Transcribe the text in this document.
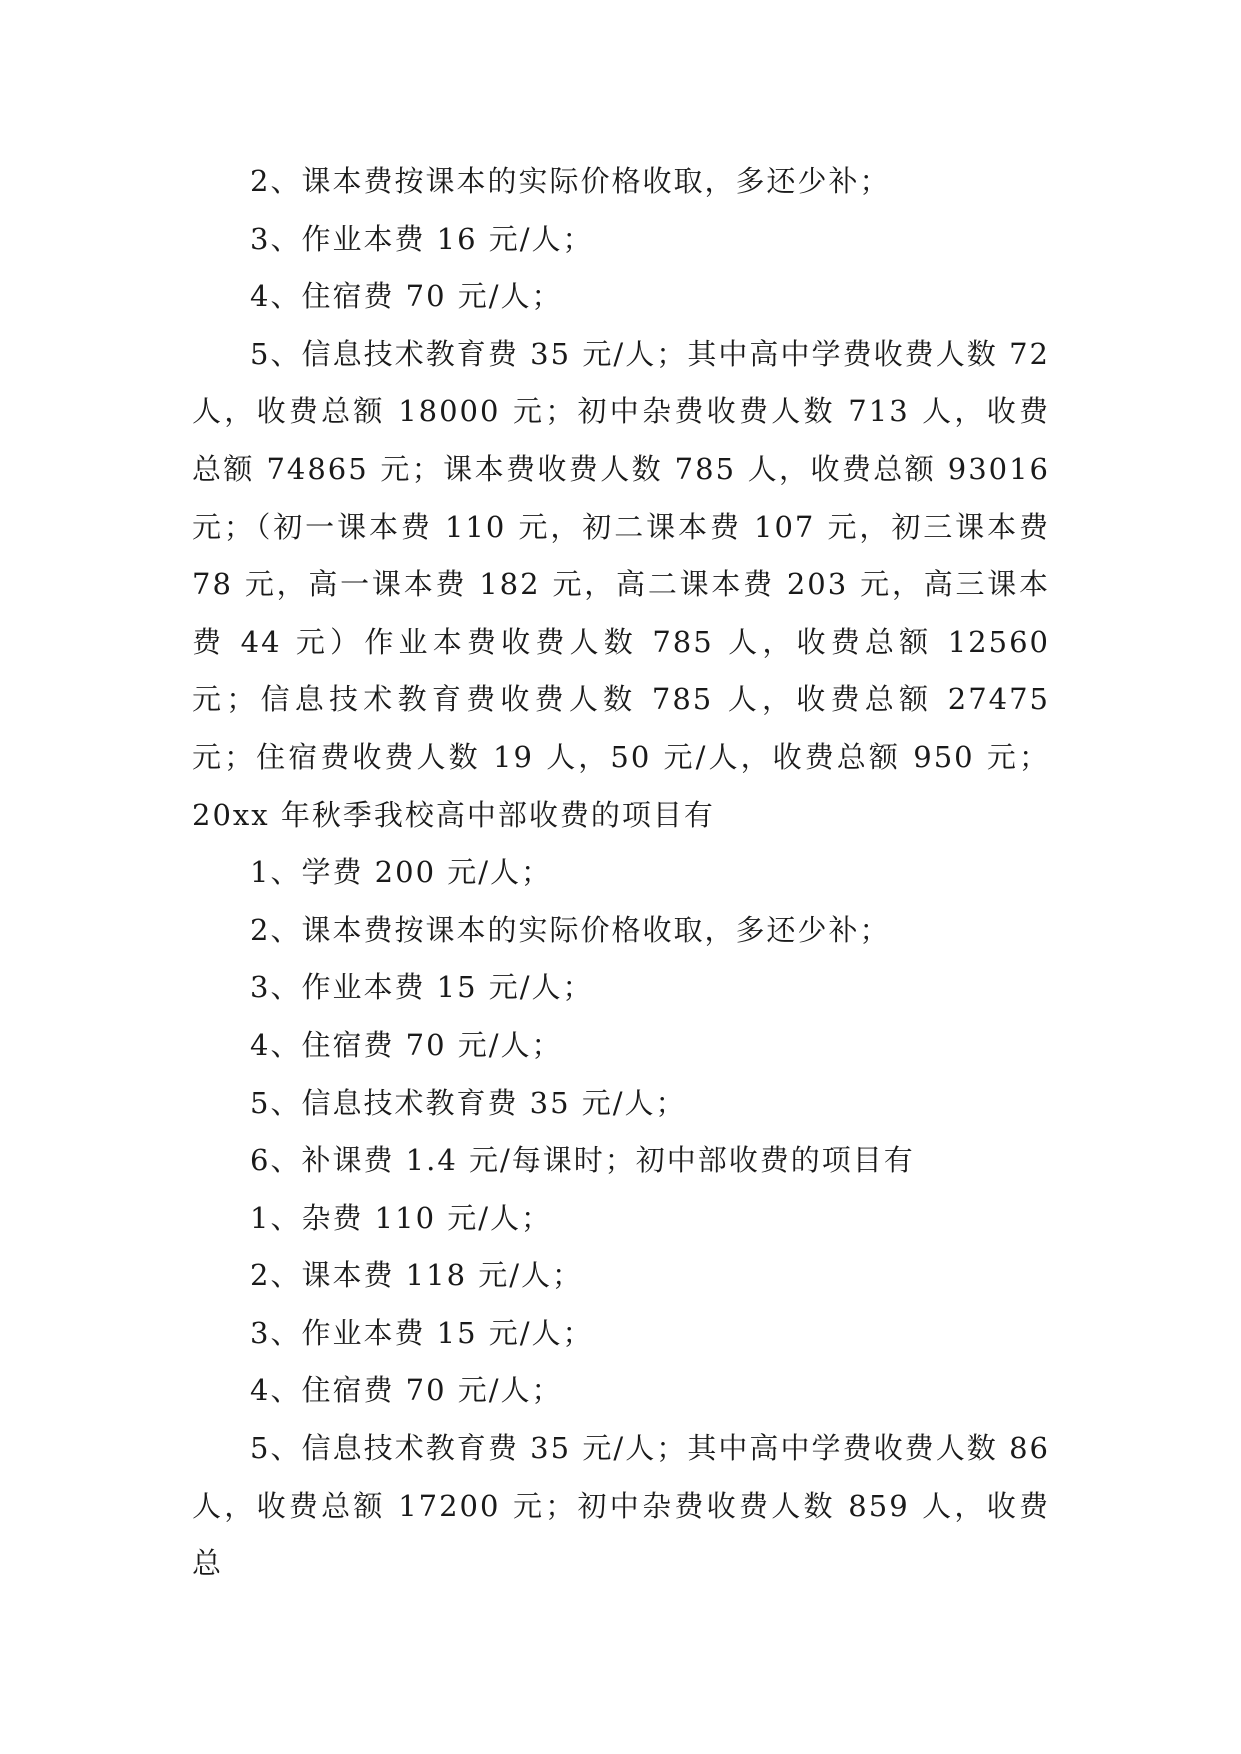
2、课本费按课本的实际价格收取，多还少补；

3、作业本费 16 元/人；

4、住宿费 70 元/人；

5、信息技术教育费 35 元/人；其中高中学费收费人数 72 人，收费总额 18000 元；初中杂费收费人数 713 人，收费总额 74865 元；课本费收费人数 785 人，收费总额 93016 元；（初一课本费 110 元，初二课本费 107 元，初三课本费 78 元，高一课本费 182 元，高二课本费 203 元，高三课本费 44 元）作业本费收费人数 785 人，收费总额 12560 元；信息技术教育费收费人数 785 人，收费总额 27475 元；住宿费收费人数 19 人，50 元/人，收费总额 950 元；20xx 年秋季我校高中部收费的项目有

1、学费 200 元/人；

2、课本费按课本的实际价格收取，多还少补；

3、作业本费 15 元/人；

4、住宿费 70 元/人；

5、信息技术教育费 35 元/人；

6、补课费 1.4 元/每课时；初中部收费的项目有

1、杂费 110 元/人；

2、课本费 118 元/人；

3、作业本费 15 元/人；

4、住宿费 70 元/人；

5、信息技术教育费 35 元/人；其中高中学费收费人数 86 人，收费总额 17200 元；初中杂费收费人数 859 人，收费总
